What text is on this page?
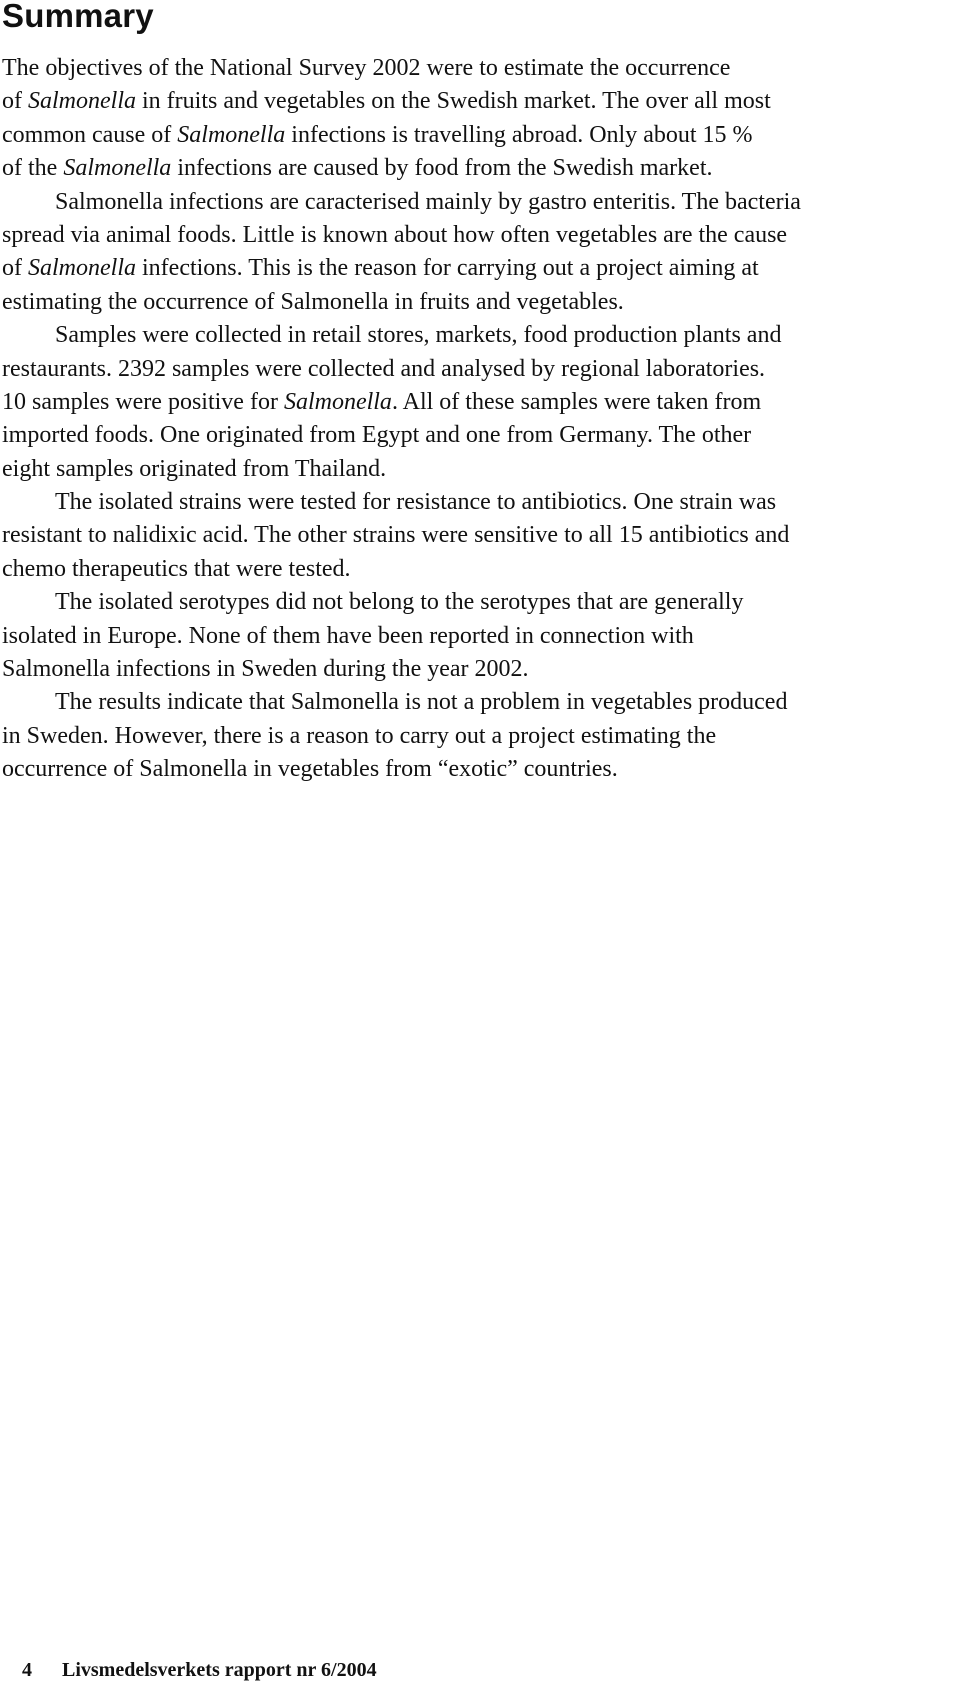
Summary
The objectives of the National Survey 2002 were to estimate the occurrence
of Salmonella in fruits and vegetables on the Swedish market. The over all most
common cause of Salmonella infections is travelling abroad. Only about 15 %
of the Salmonella infections are caused by food from the Swedish market.
Salmonella infections are caracterised mainly by gastro enteritis. The bacteria
spread via animal foods. Little is known about how often vegetables are the cause
of Salmonella infections. This is the reason for carrying out a project aiming at
estimating the occurrence of Salmonella in fruits and vegetables.
Samples were collected in retail stores, markets, food production plants and
restaurants. 2392 samples were collected and analysed by regional laboratories.
10 samples were positive for Salmonella. All of these samples were taken from
imported foods. One originated from Egypt and one from Germany. The other
eight samples originated from Thailand.
The isolated strains were tested for resistance to antibiotics. One strain was
resistant to nalidixic acid. The other strains were sensitive to all 15 antibiotics and
chemo therapeutics that were tested.
The isolated serotypes did not belong to the serotypes that are generally
isolated in Europe. None of them have been reported in connection with
Salmonella infections in Sweden during the year 2002.
The results indicate that Salmonella is not a problem in vegetables produced
in Sweden. However, there is a reason to carry out a project estimating the
occurrence of Salmonella in vegetables from “exotic” countries.

4 Livsmedelsverkets rapport nr 6/2004
